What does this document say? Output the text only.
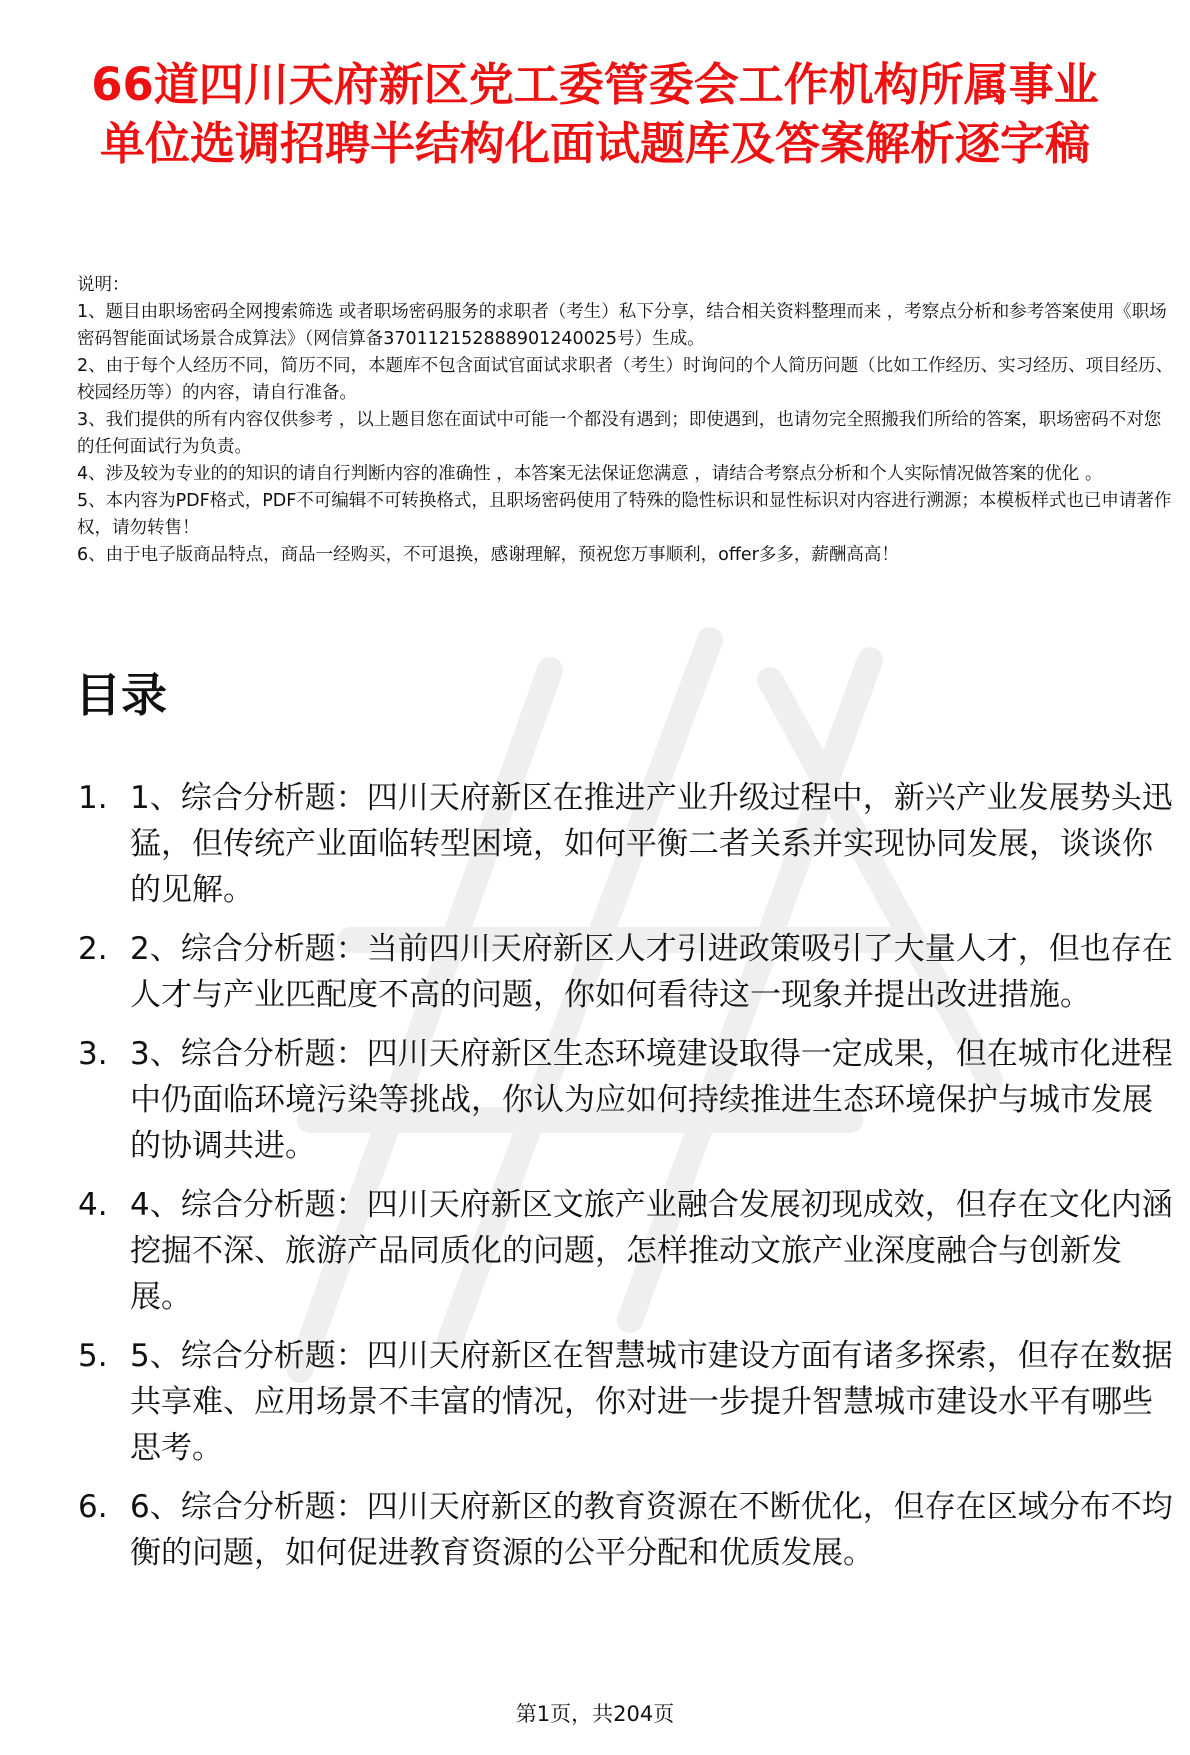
66道四川天府新区党工委管委会工作机构所属事业单位选调招聘半结构化面试题库及答案解析逐字稿

说明：

1、题目由职场密码全网搜索筛选 或者职场密码服务的求职者（考生）私下分享，结合相关资料整理而来 ，考察点分析和参考答案使用《职场密码智能面试场景合成算法》（网信算备370112152888901240025号）生成。

2、由于每个人经历不同，简历不同，本题库不包含面试官面试求职者（考生）时询问的个人简历问题（比如工作经历、实习经历、项目经历、校园经历等）的内容，请自行准备。

3、我们提供的所有内容仅供参考 ，以上题目您在面试中可能一个都没有遇到；即使遇到，也请勿完全照搬我们所给的答案，职场密码不对您的任何面试行为负责。

4、涉及较为专业的的知识的请自行判断内容的准确性 ，本答案无法保证您满意 ，请结合考察点分析和个人实际情况做答案的优化 。

5、本内容为PDF格式，PDF不可编辑不可转换格式，且职场密码使用了特殊的隐性标识和显性标识对内容进行溯源；本模板样式也已申请著作权，请勿转售！

6、由于电子版商品特点，商品一经购买，不可退换，感谢理解，预祝您万事顺利，offer多多，薪酬高高！

目录
1. 1、综合分析题：四川天府新区在推进产业升级过程中，新兴产业发展势头迅猛，但传统产业面临转型困境，如何平衡二者关系并实现协同发展，谈谈你的见解。
2. 2、综合分析题：当前四川天府新区人才引进政策吸引了大量人才，但也存在人才与产业匹配度不高的问题，你如何看待这一现象并提出改进措施。
3. 3、综合分析题：四川天府新区生态环境建设取得一定成果，但在城市化进程中仍面临环境污染等挑战，你认为应如何持续推进生态环境保护与城市发展的协调共进。
4. 4、综合分析题：四川天府新区文旅产业融合发展初现成效，但存在文化内涵挖掘不深、旅游产品同质化的问题，怎样推动文旅产业深度融合与创新发展。
5. 5、综合分析题：四川天府新区在智慧城市建设方面有诸多探索，但存在数据共享难、应用场景不丰富的情况，你对进一步提升智慧城市建设水平有哪些思考。
6. 6、综合分析题：四川天府新区的教育资源在不断优化，但存在区域分布不均衡的问题，如何促进教育资源的公平分配和优质发展。
第1页，共204页
